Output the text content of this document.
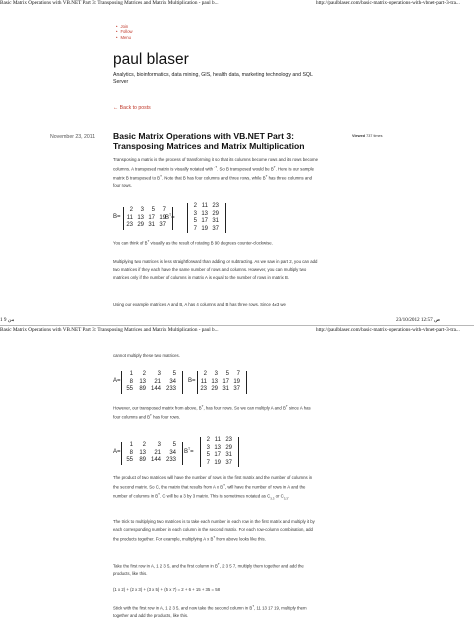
Basic Matrix Operations with VB.NET Part 3: Transposing Matrices and Matrix Multiplication - paul b...	http://paulblaser.com/basic-matrix-operations-with-vbnet-part-3-tra...
• Join
• Follow
• Menu
paul blaser
Analytics, bioinformatics, data mining, GIS, health data, marketing technology and SQL Server
← Back to posts
November 23, 2011 Basic Matrix Operations with VB.NET Part 3: Transposing Matrices and Matrix Multiplication
Viewed 737 times
Transposing a matrix is the process of transforming it so that its columns become rows and its rows become columns. A transposed matrix is visually notated with $^{-T}$. So B transposed would be $B^T$. Here is our sample matrix B transposed to $B^T$. Note that B has four columns and three rows, while $B^T$ has three columns and four rows.
B=
2	3	5	7
11 13 17 19
23 29 31 37
$B^T=$
2 11 23
3 13 29
5 17 31
7 19 37
You can think of $B^T$ visually as the result of rotating B 90 degrees counter-clockwise.
Multiplying two matrices is less straightforward than adding or subtracting. As we saw in part 2, you can add two matrices if they each have the same number of rows and columns. However, you can multiply two matrices only if the number of columns in matrix A is equal to the number of rows in matrix B.
Using our example matrices A and B, A has 4 columns and B has three rows. Since 4≠3 we
من 9 1	23/10/2012 12:57 ص
Basic Matrix Operations with VB.NET Part 3: Transposing Matrices and Matrix Multiplication - paul b...	http://paulblaser.com/basic-matrix-operations-with-vbnet-part-3-tra...
cannot multiply these two matrices.
A=
1	2	3	5
8	13	21	34
55	89 144 233
B=
2	3	5	7
11 13 17 19
23 29 31 37
However, our transposed matrix from above, $B^T$, has four rows. So we can multiply A and $B^T$ since A has four columns and $B^T$ has four rows.
A=
1	2	3	5
8	13	21	34
55	89 144 233
$B^T=$
2 11 23
3 13 29
5 17 31
7 19 37
The product of two matrices will have the number of rows in the first matrix and the number of columns in the second matrix. So C, the matrix that results from A x $B^T$, will have the number of rows in A and the number of columns in $B^T$. C will be a 3 by 3 matrix. This is sometimes notated as $C_{3,3}$ or $C_{3,3}$.
The trick to multiplying two matrices is to take each number in each row in the first matrix and multiply it by each corresponding number in each column in the second matrix. For each row-column combination, add the products together. For example, multiplying A x $B^T$ from above looks like this.
Take the first row in A, 1 2 3 5, and the first column in $B^T$, 2 3 5 7, multiply them together and add the products, like this.
(1 x 2) + (2 x 3) + (3 x 5) + (5 x 7) = 2 + 6 + 15 + 35 = 58
Stick with the first row in A, 1 2 3 5, and now take the second column in $B^T$, 11 13 17 19, multiply them together and add the products, like this.
